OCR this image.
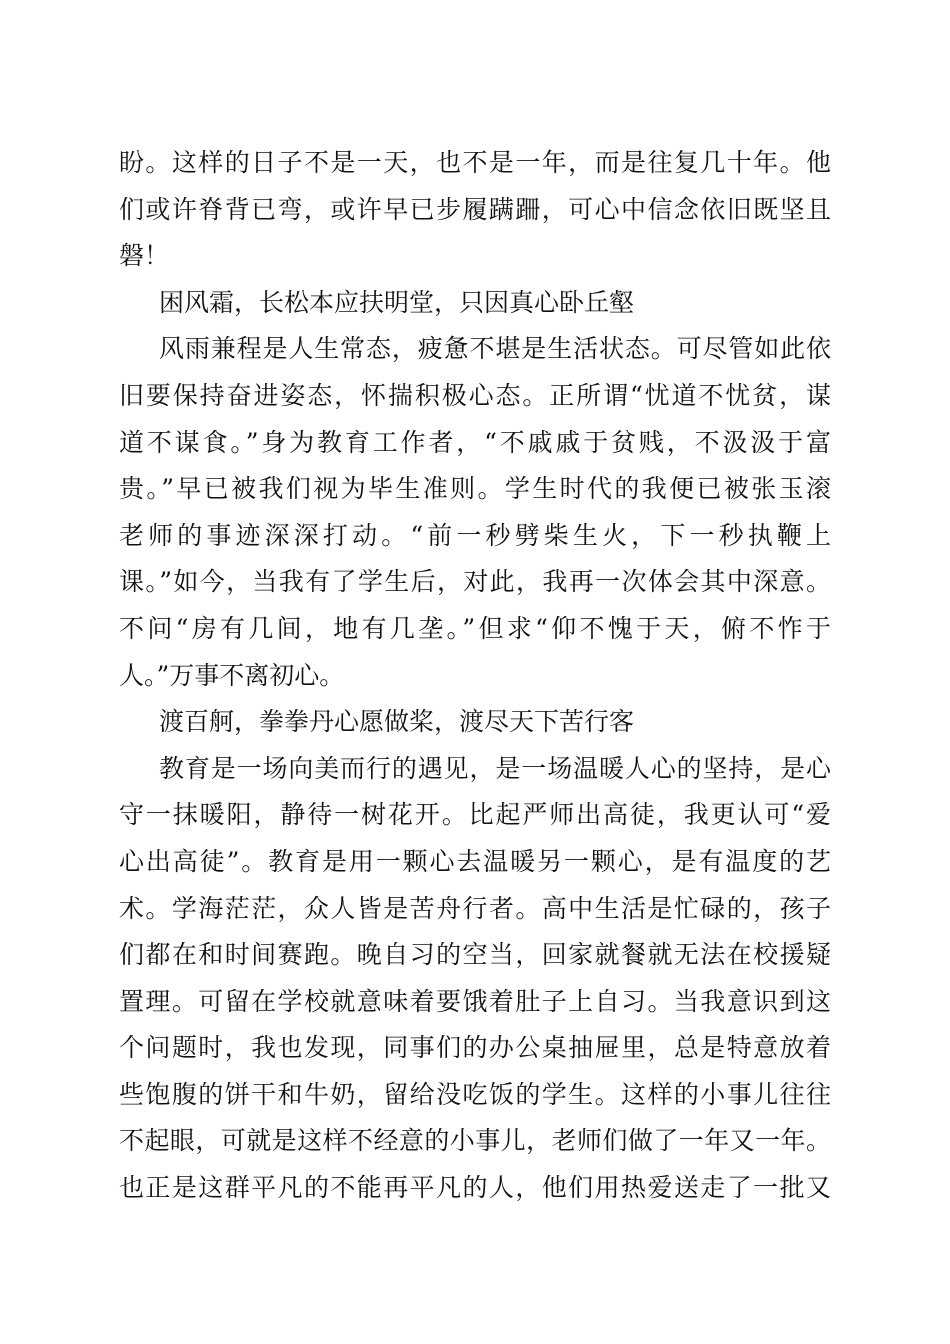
盼。这样的日子不是一天，也不是一年，而是往复几十年。他
们或许脊背已弯，或许早已步履蹒跚，可心中信念依旧既坚且
磐！
困风霜，长松本应扶明堂，只因真心卧丘壑
风雨兼程是人生常态，疲惫不堪是生活状态。可尽管如此依
旧要保持奋进姿态，怀揣积极心态。正所谓“忧道不忧贫，谋
道不谋食。”身为教育工作者，“不戚戚于贫贱，不汲汲于富
贵。”早已被我们视为毕生准则。学生时代的我便已被张玉滚
老师的事迹深深打动。“前一秒劈柴生火，下一秒执鞭上
课。”如今，当我有了学生后，对此，我再一次体会其中深意。
不问“房有几间，地有几垄。”但求“仰不愧于天，俯不怍于
人。”万事不离初心。
渡百舸，拳拳丹心愿做桨，渡尽天下苦行客
教育是一场向美而行的遇见，是一场温暖人心的坚持，是心
守一抹暖阳，静待一树花开。比起严师出高徒，我更认可“爱
心出高徒”。教育是用一颗心去温暖另一颗心，是有温度的艺
术。学海茫茫，众人皆是苦舟行者。高中生活是忙碌的，孩子
们都在和时间赛跑。晚自习的空当，回家就餐就无法在校援疑
置理。可留在学校就意味着要饿着肚子上自习。当我意识到这
个问题时，我也发现，同事们的办公桌抽屉里，总是特意放着
些饱腹的饼干和牛奶，留给没吃饭的学生。这样的小事儿往往
不起眼，可就是这样不经意的小事儿，老师们做了一年又一年。
也正是这群平凡的不能再平凡的人，他们用热爱送走了一批又
